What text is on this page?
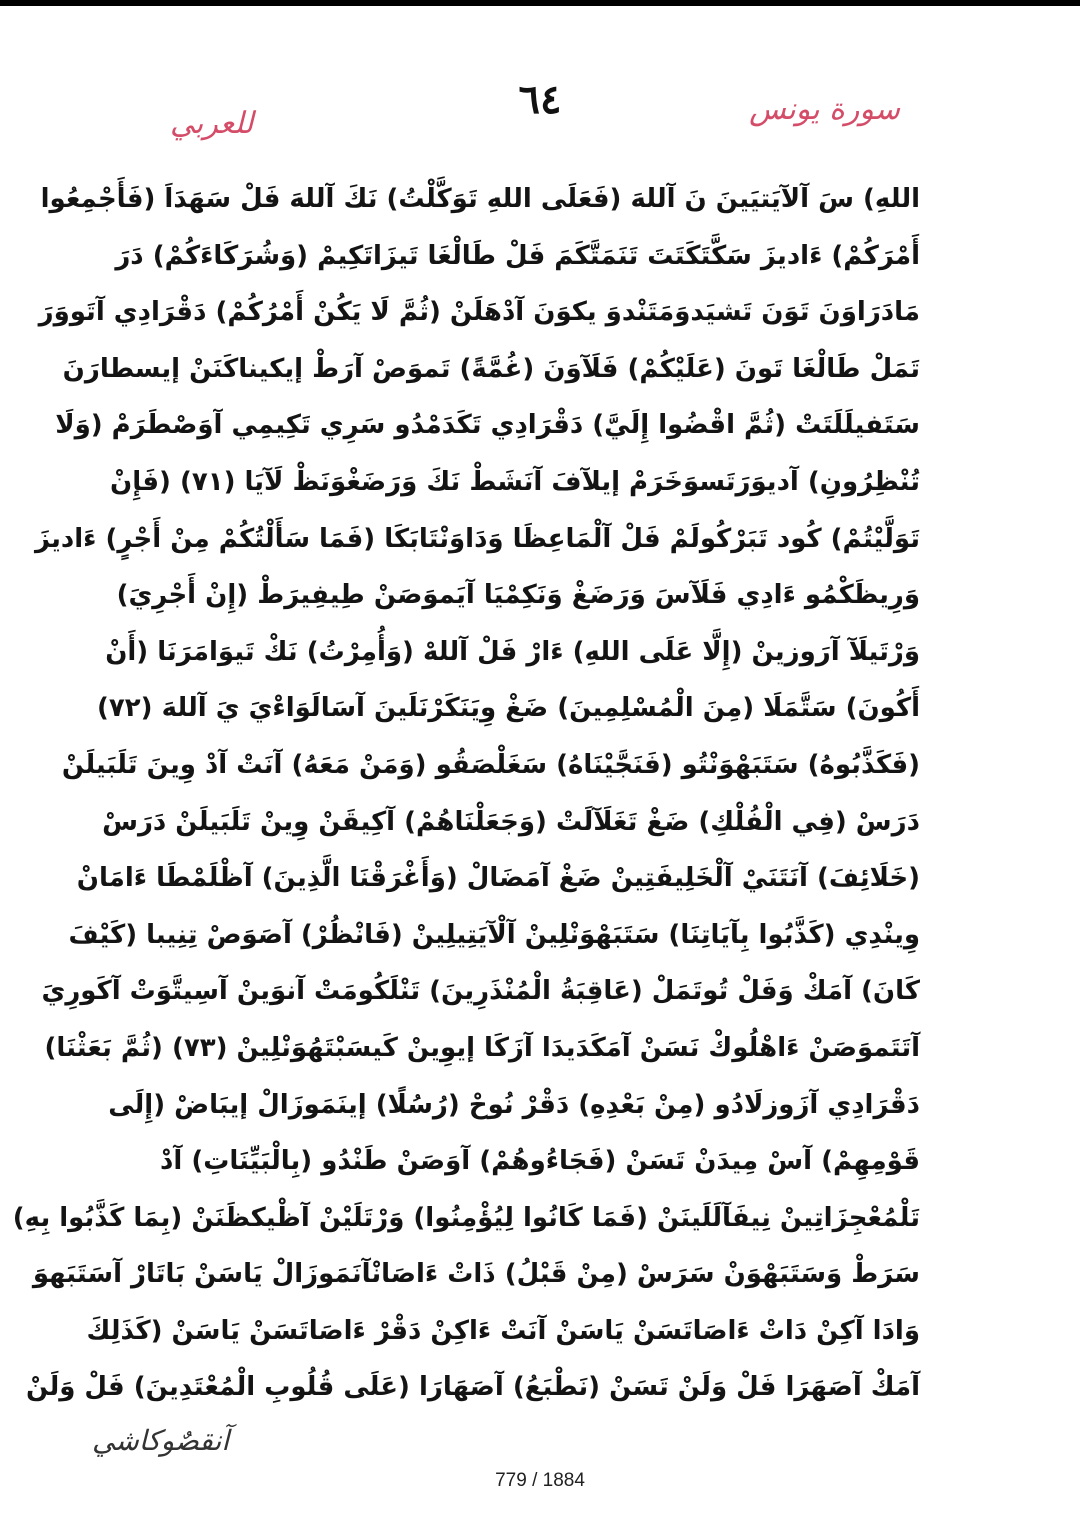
٦٤	سورة يونس
للعربي
اللهِ) سَ آلآيَتيَينَ نَ آللهَ (فَعَلَى اللهِ تَوَكَّلْتُ) نَكَ آللهَ فَلْ سَهَدَاَ (فَأَجْمِعُوا
أَمْرَكُمْ) ءَاديزَ سَكَّتَكَتَتَ تَنَمَتَّكَمَ فَلْ طَالْغَا تَيزَاتَكِيمْ (وَشُرَكَاءَكُمْ) دَرَ
مَادَرَاوَنَ تَوَنَ تَشيَدوَمَتَنْدوَ يكوَنَ آدْهَلَنْ (ثُمَّ لَا يَكُنْ أَمْرُكُمْ) دَقْرَادِي آتَووَرَ
تَمَلْ طَالْغَا تَونَ (عَلَيْكُمْ) فَلَآوَنَ (غُمَّةً) تَموَصْ آرَطْ إيكيناكَنَنْ إيسطارَنَ
سَتَفيلَلَتَتْ (ثُمَّ اقْضُوا إِلَيَّ) دَقْرَادِي تَكَدَمْدُو سَرِي تَكِيمِي آوَصْطَرَمْ (وَلَا
تُنْظِرُونِ) آديوَرَتَسوَخَرَمْ إيلآفَ آنَشَطْ نَكَ وَرَضَغْوَنَظْ لَآيَا (٧١) (فَإِنْ
تَوَلَّيْتُمْ) كُود تَبَرْكُولَمْ فَلْ آلْمَاعِظَا وَدَاوَنْتَابَكَا (فَمَا سَأَلْتُكُمْ مِنْ أَجْرٍ) ءَاديزَ
وَرِيظَكْمُو ءَادِي فَلَآسَ وَرَضَغْ وَنَكِمْيَا آيَموَصَنْ طِيفِيرَطْ (إِنْ أَجْرِيَ)
وَرْتَيلَآ آرَوزينْ (إِلَّا عَلَى اللهِ) ءَارْ فَلْ آللهْ (وَأُمِرْتُ) نَكْ تَيوَامَرَنَا (أَنْ
أَكُونَ) سَتَّمَلَا (مِنَ الْمُسْلِمِينَ) ضَغْ وِيَنَكَرْنَلَينَ آسَالَوَاءْيَ يَ آللهَ (٧٢)
(فَكَذَّبُوهُ) سَتَبَهْوَنْتُو (فَنَجَّيْنَاهُ) سَغَلْصَقُو (وَمَنْ مَعَهُ) آنَتْ آدْ وِينَ تَلَبَيلَنْ
دَرَسْ (فِي الْفُلْكِ) ضَغْ تَغَلَآلَتْ (وَجَعَلْنَاهُمْ) آكِيقَنْ وِينْ تَلَبَيلَنْ دَرَسْ
(خَلَائِفَ) آنَتَنَيْ آلْخَلِيفَتِينْ ضَغْ آمَضَالْ (وَأَغْرَقْنَا الَّذِينَ) آظْلَمْطَا ءَامَانْ
وِينْدِي (كَذَّبُوا بِآيَاتِنَا) سَتَبَهْوَنْلِينْ آلْآيَتِيلِينْ (فَانْظُرْ) آصَوَصْ تِنِيبا (كَيْفَ
كَانَ) آمَكْ وَفَلْ تُوتَمَلْ (عَاقِبَةُ الْمُنْذَرِينَ) تَنْلَكُومَتْ آنوَينْ آسِيتَّوَتْ آكَورِيَ
آتَتَموَصَنْ ءَاهْلُوكْ نَسَنْ آمَكَدَيدَا آزَكَا إيوِينْ كَيسَبْتَهُوَنْلِينْ (٧٣) (ثُمَّ بَعَثْنَا)
دَقْرَادِي آزَوزلَادُو (مِنْ بَعْدِهِ) دَقْرْ نُوحْ (رُسُلًا) إينَمَوزَالْ إيبَاضْ (إِلَى
قَوْمِهِمْ) آسْ مِيدَنْ تَسَنْ (فَجَاءُوهُمْ) آوَصَنْ طَنْدُو (بِالْبَيِّنَاتِ) آدْ
تَلْمُعْجِزَاتِينْ نِيفَآلَلَينَنْ (فَمَا كَانُوا لِيُؤْمِنُوا) وَرْتَلَيْنْ آظْيكظَنَنْ (بِمَا كَذَّبُوا بِهِ)
سَرَطْ وَسَتَبَهْوَنْ سَرَسْ (مِنْ قَبْلُ) ذَاتْ ءَاصَانْآنَمَوزَالْ يَاسَنْ بَاتَارْ آسَتَبَهوَ
وَادَا آكِنْ دَاتْ ءَاصَاتَسَنْ يَاسَنْ آنَتْ ءَاكِنْ دَقْرْ ءَاصَاتَسَنْ يَاسَنْ (كَذَلِكَ
آمَكْ آصَهَرَا فَلْ وَلَنْ تَسَنْ (نَطْبَعُ) آصَهَارَا (عَلَى قُلُوبِ الْمُعْتَدِينَ) فَلْ وَلَنْ
آنقصٌوكاشي
779 / 1884
